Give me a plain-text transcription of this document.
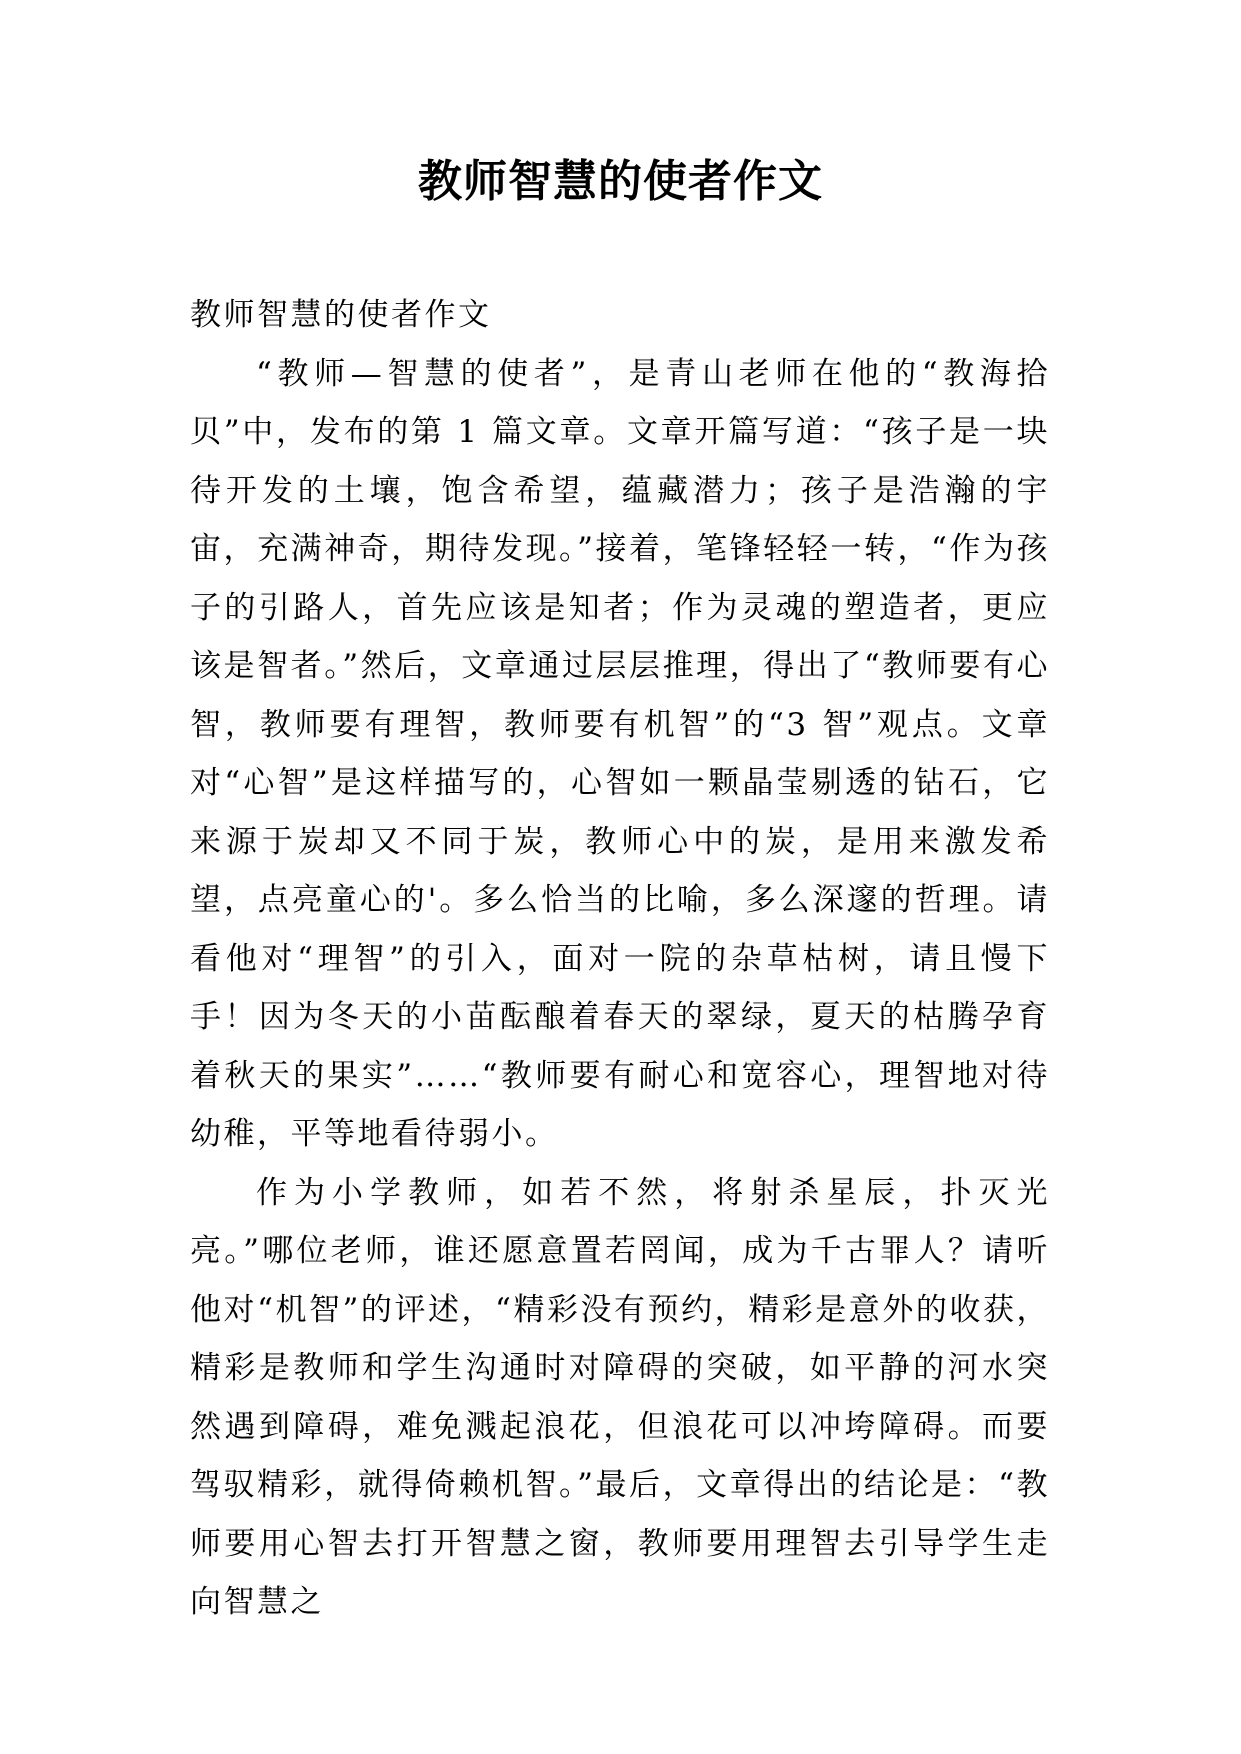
教师智慧的使者作文

教师智慧的使者作文

“教师—智慧的使者”，是青山老师在他的“教海拾贝”中，发布的第 1 篇文章。文章开篇写道：“孩子是一块待开发的土壤，饱含希望，蕴藏潜力；孩子是浩瀚的宇宙，充满神奇，期待发现。”接着，笔锋轻轻一转，“作为孩子的引路人，首先应该是知者；作为灵魂的塑造者，更应该是智者。”然后，文章通过层层推理，得出了“教师要有心智，教师要有理智，教师要有机智”的“3 智”观点。文章对“心智”是这样描写的，心智如一颗晶莹剔透的钻石，它来源于炭却又不同于炭，教师心中的炭，是用来激发希望，点亮童心的'。多么恰当的比喻，多么深邃的哲理。请看他对“理智”的引入，面对一院的杂草枯树，请且慢下手！因为冬天的小苗酝酿着春天的翠绿，夏天的枯腾孕育着秋天的果实”……“教师要有耐心和宽容心，理智地对待幼稚，平等地看待弱小。

作为小学教师，如若不然，将射杀星辰，扑灭光亮。”哪位老师，谁还愿意置若罔闻，成为千古罪人？请听他对“机智”的评述，“精彩没有预约，精彩是意外的收获，精彩是教师和学生沟通时对障碍的突破，如平静的河水突然遇到障碍，难免溅起浪花，但浪花可以冲垮障碍。而要驾驭精彩，就得倚赖机智。”最后，文章得出的结论是：“教师要用心智去打开智慧之窗，教师要用理智去引导学生走向智慧之
